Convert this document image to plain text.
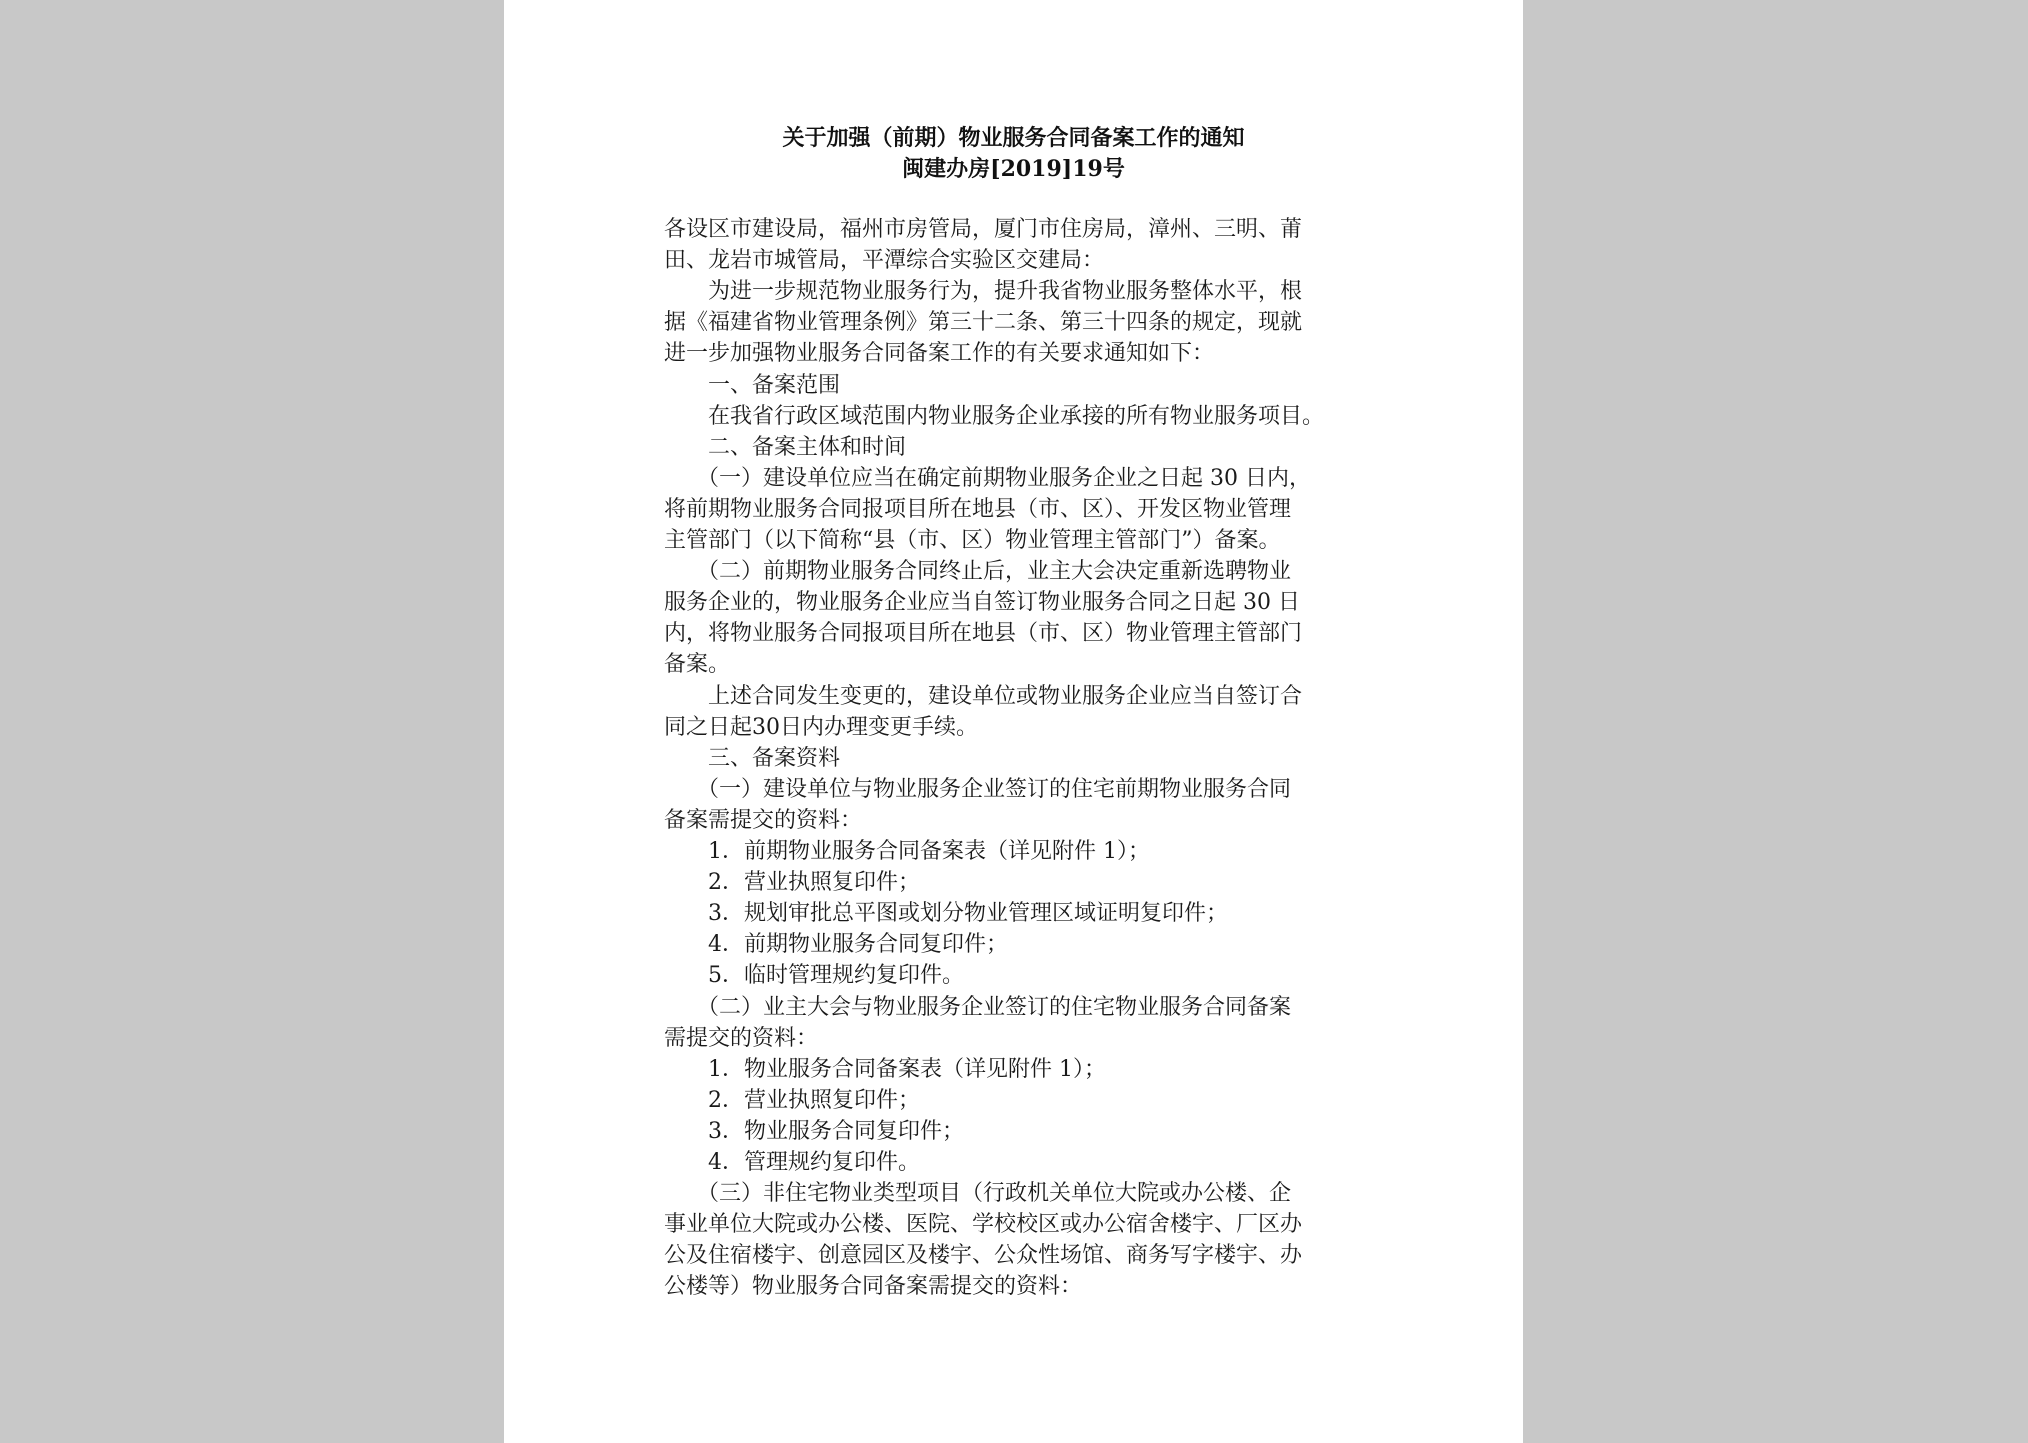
关于加强（前期）物业服务合同备案工作的通知
闽建办房[2019]19号
各设区市建设局，福州市房管局，厦门市住房局，漳州、三明、莆
田、龙岩市城管局，平潭综合实验区交建局：
　　为进一步规范物业服务行为，提升我省物业服务整体水平，根
据《福建省物业管理条例》第三十二条、第三十四条的规定，现就
进一步加强物业服务合同备案工作的有关要求通知如下：
　　一、备案范围
　　在我省行政区域范围内物业服务企业承接的所有物业服务项目。
　　二、备案主体和时间
　　（一）建设单位应当在确定前期物业服务企业之日起 30 日内，
将前期物业服务合同报项目所在地县（市、区）、开发区物业管理
主管部门（以下简称“县（市、区）物业管理主管部门”）备案。
　　（二）前期物业服务合同终止后，业主大会决定重新选聘物业
服务企业的，物业服务企业应当自签订物业服务合同之日起 30 日
内，将物业服务合同报项目所在地县（市、区）物业管理主管部门
备案。
　　上述合同发生变更的，建设单位或物业服务企业应当自签订合
同之日起30日内办理变更手续。
　　三、备案资料
　　（一）建设单位与物业服务企业签订的住宅前期物业服务合同
备案需提交的资料：
　　1．前期物业服务合同备案表（详见附件 1）；
　　2．营业执照复印件；
　　3．规划审批总平图或划分物业管理区域证明复印件；
　　4．前期物业服务合同复印件；
　　5．临时管理规约复印件。
　　（二）业主大会与物业服务企业签订的住宅物业服务合同备案
需提交的资料：
　　1．物业服务合同备案表（详见附件 1）；
　　2．营业执照复印件；
　　3．物业服务合同复印件；
　　4．管理规约复印件。
　　（三）非住宅物业类型项目（行政机关单位大院或办公楼、企
事业单位大院或办公楼、医院、学校校区或办公宿舍楼宇、厂区办
公及住宿楼宇、创意园区及楼宇、公众性场馆、商务写字楼宇、办
公楼等）物业服务合同备案需提交的资料：
